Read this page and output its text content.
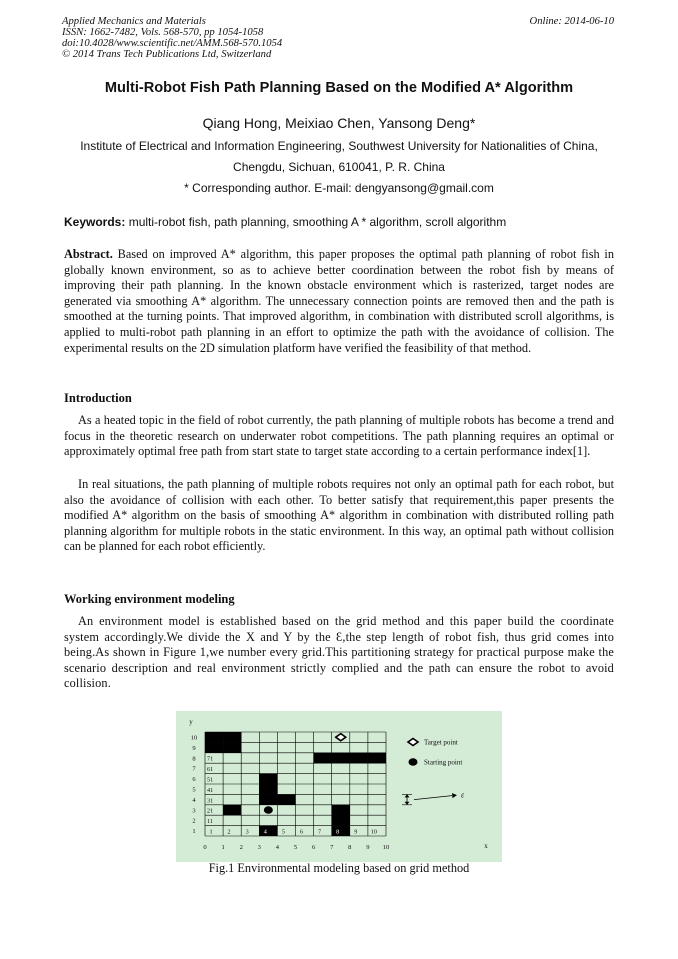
Applied Mechanics and Materials
ISSN: 1662-7482, Vols. 568-570, pp 1054-1058
doi:10.4028/www.scientific.net/AMM.568-570.1054
© 2014 Trans Tech Publications Ltd, Switzerland
Online: 2014-06-10
Multi-Robot Fish Path Planning Based on the Modified A* Algorithm
Qiang Hong, Meixiao Chen, Yansong Deng*
Institute of Electrical and Information Engineering, Southwest University for Nationalities of China,
Chengdu, Sichuan, 610041, P. R. China
* Corresponding author. E-mail: dengyansong@gmail.com
Keywords: multi-robot fish, path planning, smoothing A * algorithm, scroll algorithm
Abstract. Based on improved A* algorithm, this paper proposes the optimal path planning of robot fish in globally known environment, so as to achieve better coordination between the robot fish by means of improving their path planning. In the known obstacle environment which is rasterized, target nodes are generated via smoothing A* algorithm. The unnecessary connection points are removed then and the path is smoothed at the turning points. That improved algorithm, in combination with distributed scroll algorithms, is applied to multi-robot path planning in an effort to optimize the path with the avoidance of collision. The experimental results on the 2D simulation platform have verified the feasibility of that method.
Introduction
As a heated topic in the field of robot currently, the path planning of multiple robots has become a trend and focus in the theoretic research on underwater robot competitions. The path planning requires an optimal or approximately optimal free path from start state to target state according to a certain performance index[1].
In real situations, the path planning of multiple robots requires not only an optimal path for each robot, but also the avoidance of collision with each other. To better satisfy that requirement,this paper presents the modified A* algorithm on the basis of smoothing A* algorithm in combination with distributed rolling path planning algorithm for multiple robots in the static environment. In this way, an optimal path without collision can be planned for each robot efficiently.
Working environment modeling
An environment model is established based on the grid method and this paper build the coordinate system accordingly.We divide the X and Y by the Ɛ,the step length of robot fish, thus grid comes into being.As shown in Figure 1,we number every grid.This partitioning strategy for practical purpose make the scenario description and real environment strictly complied and the path can ensure the robot to avoid collision.
y
10
9
8
7
6
5
4
3
2
1
x
0 1 2 3 4 5 6 7 8 9 10
1 2 3 4 5 6 7 8 9 10
71
61
51
41
31
21
11
Target point
Starting point
ε
Fig.1 Environmental modeling based on grid method
